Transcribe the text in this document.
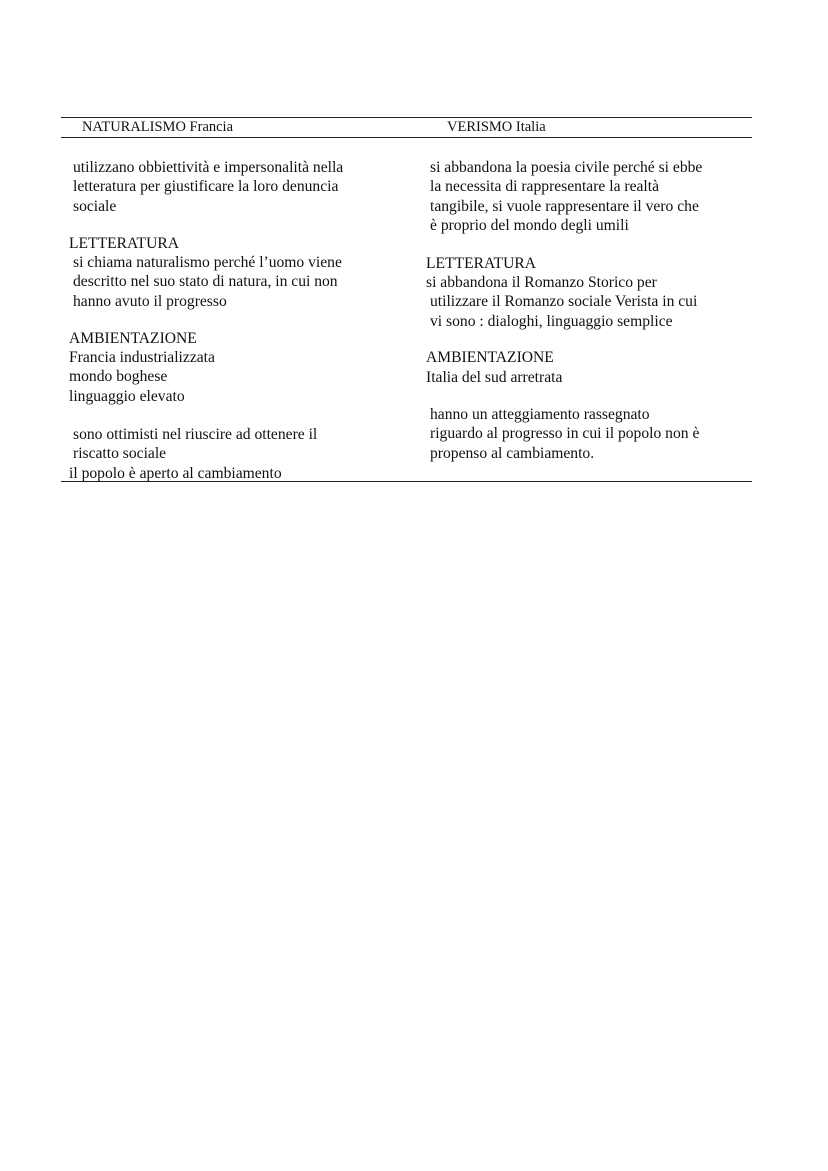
NATURALISMO Francia	VERISMO Italia
utilizzano obbiettività e impersonalità nella
letteratura per giustificare la loro denuncia
sociale
LETTERATURA
si chiama naturalismo perché l’uomo viene
descritto nel suo stato di natura, in cui non
hanno avuto il progresso
AMBIENTAZIONE
Francia industrializzata
mondo boghese
linguaggio elevato
sono ottimisti nel riuscire ad ottenere il
riscatto sociale
il popolo è aperto al cambiamento
si abbandona la poesia civile perché si ebbe
la necessita di rappresentare la realtà
tangibile, si vuole rappresentare il vero che
è proprio del mondo degli umili
LETTERATURA
si abbandona il Romanzo Storico per
utilizzare il Romanzo sociale Verista in cui
vi sono : dialoghi, linguaggio semplice
AMBIENTAZIONE
Italia del sud arretrata
hanno un atteggiamento rassegnato
riguardo al progresso in cui il popolo non è
propenso al cambiamento.
